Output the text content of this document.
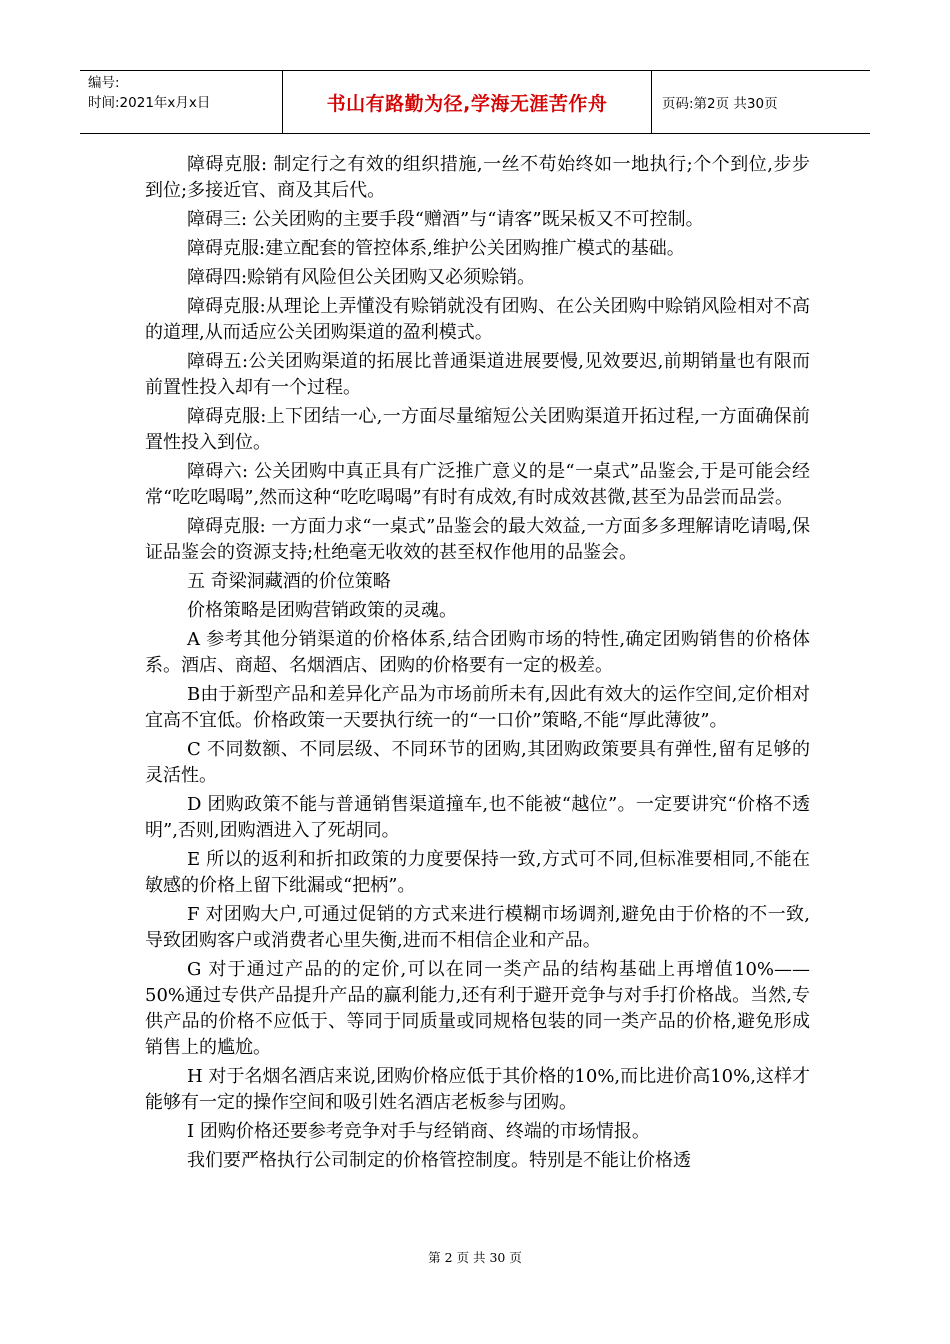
编号:
时间:2021年x月x日	书山有路勤为径,学海无涯苦作舟	页码:第2页 共30页

障碍克服: 制定行之有效的组织措施,一丝不苟始终如一地执行;个个到位,步步到位;多接近官、商及其后代。

障碍三: 公关团购的主要手段“赠酒”与“请客”既呆板又不可控制。

障碍克服:建立配套的管控体系,维护公关团购推广模式的基础。

障碍四:赊销有风险但公关团购又必须赊销。

障碍克服:从理论上弄懂没有赊销就没有团购、在公关团购中赊销风险相对不高的道理,从而适应公关团购渠道的盈利模式。

障碍五:公关团购渠道的拓展比普通渠道进展要慢,见效要迟,前期销量也有限而前置性投入却有一个过程。

障碍克服:上下团结一心,一方面尽量缩短公关团购渠道开拓过程,一方面确保前置性投入到位。

障碍六: 公关团购中真正具有广泛推广意义的是“一桌式”品鉴会,于是可能会经常“吃吃喝喝”,然而这种“吃吃喝喝”有时有成效,有时成效甚微,甚至为品尝而品尝。

障碍克服: 一方面力求“一桌式”品鉴会的最大效益,一方面多多理解请吃请喝,保证品鉴会的资源支持;杜绝毫无收效的甚至权作他用的品鉴会。

五 奇梁洞藏酒的价位策略

价格策略是团购营销政策的灵魂。

A 参考其他分销渠道的价格体系,结合团购市场的特性,确定团购销售的价格体系。酒店、商超、名烟酒店、团购的价格要有一定的极差。

B由于新型产品和差异化产品为市场前所未有,因此有效大的运作空间,定价相对宜高不宜低。价格政策一天要执行统一的“一口价”策略,不能“厚此薄彼”。

C 不同数额、不同层级、不同环节的团购,其团购政策要具有弹性,留有足够的灵活性。

D 团购政策不能与普通销售渠道撞车,也不能被“越位”。一定要讲究“价格不透明”,否则,团购酒进入了死胡同。

E 所以的返利和折扣政策的力度要保持一致,方式可不同,但标准要相同,不能在敏感的价格上留下纰漏或“把柄”。

F 对团购大户,可通过促销的方式来进行模糊市场调剂,避免由于价格的不一致,导致团购客户或消费者心里失衡,进而不相信企业和产品。

G 对于通过产品的的定价,可以在同一类产品的结构基础上再增值10%——50%通过专供产品提升产品的赢利能力,还有利于避开竞争与对手打价格战。当然,专供产品的价格不应低于、等同于同质量或同规格包装的同一类产品的价格,避免形成销售上的尴尬。

H 对于名烟名酒店来说,团购价格应低于其价格的10%,而比进价高10%,这样才能够有一定的操作空间和吸引姓名酒店老板参与团购。

I 团购价格还要参考竞争对手与经销商、终端的市场情报。

我们要严格执行公司制定的价格管控制度。特别是不能让价格透

第 2 页 共 30 页
